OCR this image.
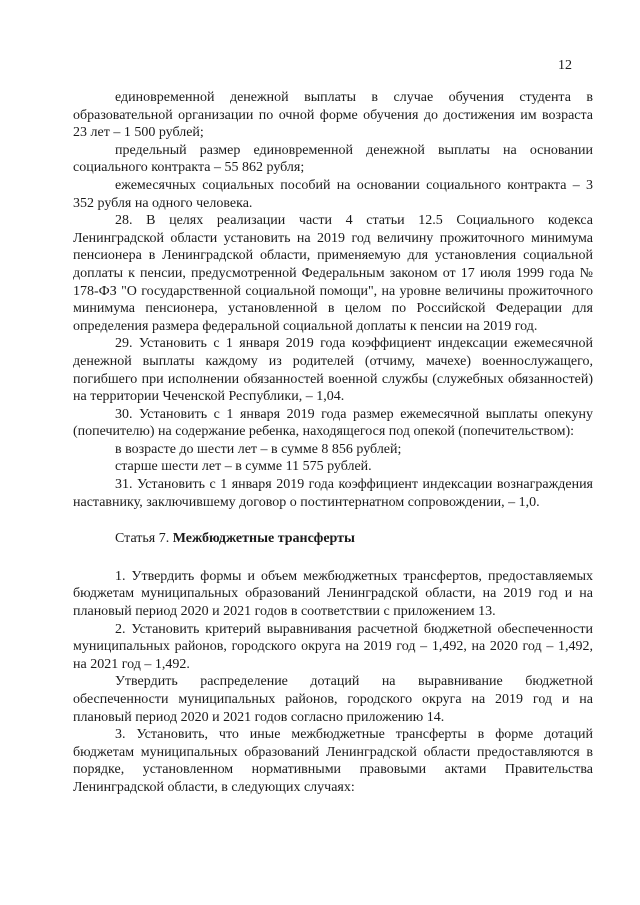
12

единовременной денежной выплаты в случае обучения студента в образовательной организации по очной форме обучения до достижения им возраста 23 лет – 1 500 рублей;

предельный размер единовременной денежной выплаты на основании социального контракта – 55 862 рубля;

ежемесячных социальных пособий на основании социального контракта – 3 352 рубля на одного человека.

28. В целях реализации части 4 статьи 12.5 Социального кодекса Ленинградской области установить на 2019 год величину прожиточного минимума пенсионера в Ленинградской области, применяемую для установления социальной доплаты к пенсии, предусмотренной Федеральным законом от 17 июля 1999 года № 178-ФЗ "О государственной социальной помощи", на уровне величины прожиточного минимума пенсионера, установленной в целом по Российской Федерации для определения размера федеральной социальной доплаты к пенсии на 2019 год.

29. Установить с 1 января 2019 года коэффициент индексации ежемесячной денежной выплаты каждому из родителей (отчиму, мачехе) военнослужащего, погибшего при исполнении обязанностей военной службы (служебных обязанностей) на территории Чеченской Республики, – 1,04.

30. Установить с 1 января 2019 года размер ежемесячной выплаты опекуну (попечителю) на содержание ребенка, находящегося под опекой (попечительством):

в возрасте до шести лет – в сумме 8 856 рублей;

старше шести лет – в сумме 11 575 рублей.

31. Установить с 1 января 2019 года коэффициент индексации вознаграждения наставнику, заключившему договор о постинтернатном сопровождении, – 1,0.

Статья 7. Межбюджетные трансферты

1. Утвердить формы и объем межбюджетных трансфертов, предоставляемых бюджетам муниципальных образований Ленинградской области, на 2019 год и на плановый период 2020 и 2021 годов в соответствии с приложением 13.

2. Установить критерий выравнивания расчетной бюджетной обеспеченности муниципальных районов, городского округа на 2019 год – 1,492, на 2020 год – 1,492, на 2021 год – 1,492.

Утвердить распределение дотаций на выравнивание бюджетной обеспеченности муниципальных районов, городского округа на 2019 год и на плановый период 2020 и 2021 годов согласно приложению 14.

3. Установить, что иные межбюджетные трансферты в форме дотаций бюджетам муниципальных образований Ленинградской области предоставляются в порядке, установленном нормативными правовыми актами Правительства Ленинградской области, в следующих случаях:
